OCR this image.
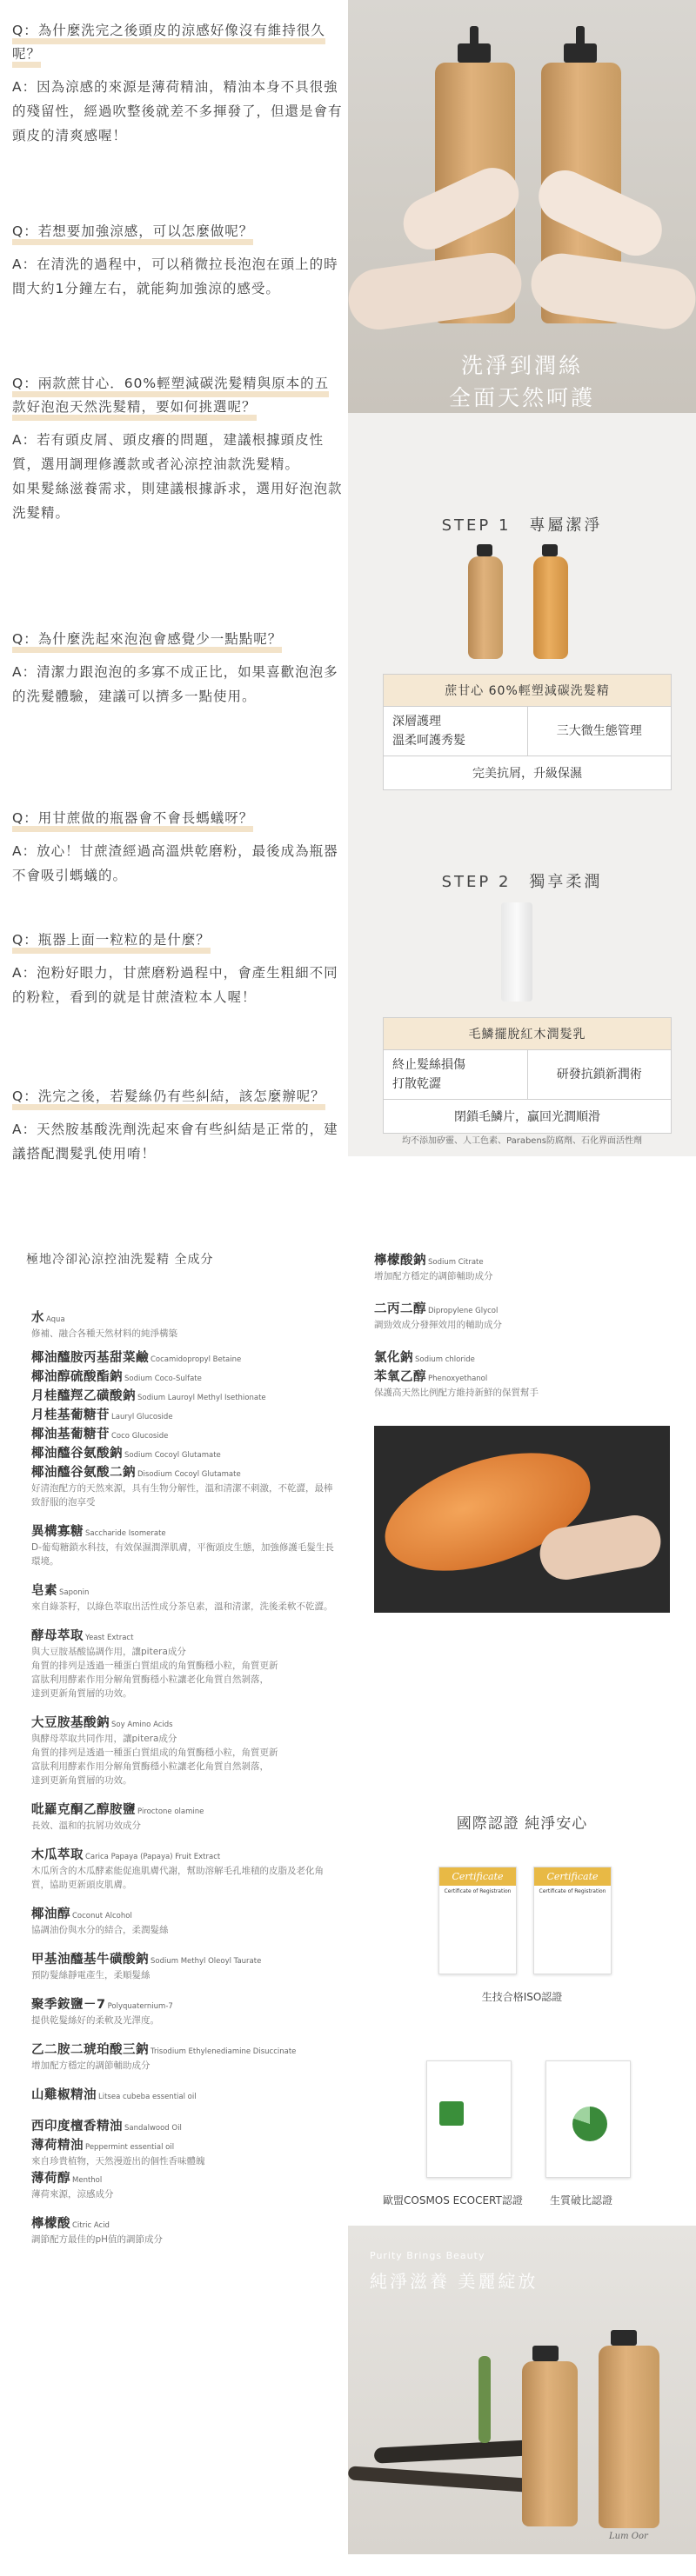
洗淨到潤絲
全面天然呵護
STEP 1　專屬潔淨
STEP 2　獨享柔潤
蔗甘心 60%輕塑減碳洗髮精
深層護理
溫柔呵護秀髮
三大微生態管理
完美抗屑，升級保濕
毛鱗擺脫紅木潤髮乳
終止髮絲損傷
打散乾澀
研發抗鎖新潤術
閉鎖毛鱗片，贏回光澗順滑
均不添加矽靈、人工色素、Parabens防腐劑、石化界面活性劑
Q：為什麼洗完之後頭皮的涼感好像沒有維持很久呢？
A：因為涼感的來源是薄荷精油，精油本身不具很強的殘留性，經過吹整後就差不多揮發了，但還是會有頭皮的清爽感喔！
Q：若想要加強涼感，可以怎麼做呢？
A：在清洗的過程中，可以稍微拉長泡泡在頭上的時間大約1分鐘左右，就能夠加強涼的感受。
Q：兩款蔗甘心．60%輕塑減碳洗髮精與原本的五款好泡泡天然洗髮精，要如何挑選呢？
A：若有頭皮屑、頭皮癢的問題，建議根據頭皮性質，選用調理修護款或者沁涼控油款洗髮精。
如果髮絲滋養需求，則建議根據訴求，選用好泡泡款洗髮精。
Q：為什麼洗起來泡泡會感覺少一點點呢？
A：清潔力跟泡泡的多寡不成正比，如果喜歡泡泡多的洗髮體驗，建議可以擠多一點使用。
Q：用甘蔗做的瓶器會不會長螞蟻呀？
A：放心！甘蔗渣經過高溫烘乾磨粉，最後成為瓶器不會吸引螞蟻的。
Q：瓶器上面一粒粒的是什麼？
A：泡粉好眼力，甘蔗磨粉過程中，會產生粗細不同的粉粒，看到的就是甘蔗渣粒本人喔！
Q：洗完之後，若髮絲仍有些糾結，該怎麼辦呢？
A：天然胺基酸洗劑洗起來會有些糾結是正常的，建議搭配潤髮乳使用唷！
極地冷卻沁涼控油洗髮精 全成分
水 Aqua
修補、融合各種天然材料的純淨構築
椰油醯胺丙基甜菜鹼 Cocamidopropyl Betaine
椰油醇硫酸酯鈉 Sodium Coco-Sulfate
月桂醯羥乙磺酸鈉 Sodium Lauroyl Methyl Isethionate
月桂基葡糖苷 Lauryl Glucoside
椰油基葡糖苷 Coco Glucoside
椰油醯谷氨酸鈉 Sodium Cocoyl Glutamate
椰油醯谷氨酸二鈉 Disodium Cocoyl Glutamate
好清泡配方的天然來源，具有生物分解性，溫和清潔不刺激，不乾澀，最棒致舒服的泡享受
異構寡糖 Saccharide Isomerate
D-葡萄糖鎖水科技，有效保濕潤澤肌膚，平衡頭皮生態，加強修護毛髮生長環境。
皂素 Saponin
來自綠茶籽，以綠色萃取出活性成分茶皂素，溫和清潔，洗後柔軟不乾澀。
酵母萃取 Yeast Extract
與大豆胺基酸協調作用，讓pitera成分
角質的排列是透過一種蛋白質組成的角質酶穩小粒，角質更新
富肽利用酵素作用分解角質酶穩小粒讓老化角質自然剝落，
達到更新角質層的功效。
大豆胺基酸鈉 Soy Amino Acids
與酵母萃取共同作用，讓pitera成分
角質的排列是透過一種蛋白質組成的角質酶穩小粒，角質更新
富肽利用酵素作用分解角質酶穩小粒讓老化角質自然剝落，
達到更新角質層的功效。
吡羅克酮乙醇胺鹽 Piroctone olamine
長效、溫和的抗屑功效成分
木瓜萃取 Carica Papaya (Papaya) Fruit Extract
木瓜所含的木瓜酵素能促進肌膚代謝，幫助溶解毛孔堆積的皮脂及老化角質，協助更新頭皮肌膚。
椰油醇 Coconut Alcohol
協調油份與水分的結合，柔潤髮絲
甲基油醯基牛磺酸鈉 Sodium Methyl Oleoyl Taurate
預防髮絲靜電產生，柔順髮絲
聚季銨鹽－7 Polyquaternium-7
提供乾髮絲好的柔軟及光澤度。
乙二胺二琥珀酸三鈉 Trisodium Ethylenediamine Disuccinate
增加配方穩定的調節輔助成分
山雞椒精油 Litsea cubeba essential oil
西印度檀香精油 Sandalwood Oil
薄荷精油 Peppermint essential oil
來自珍貴植物，天然漫遊出的個性香味體魄
薄荷醇 Menthol
薄荷來源，涼感成分
檸檬酸 Citric Acid
調節配方最佳的pH值的調節成分
檸檬酸鈉 Sodium Citrate
增加配方穩定的調節輔助成分
二丙二醇 Dipropylene Glycol
調勁效成分發揮效用的輔助成分
氯化鈉 Sodium chloride
苯氧乙醇 Phenoxyethanol
保護高天然比例配方維持新鮮的保質幫手
國際認證 純淨安心
Certificate
Certificate of Registration
Certificate
Certificate of Registration
生技合格ISO認證
歐盟COSMOS ECOCERT認證	生質破比認證
Purity Brings Beauty
純淨滋養 美麗綻放
Lum Oor
